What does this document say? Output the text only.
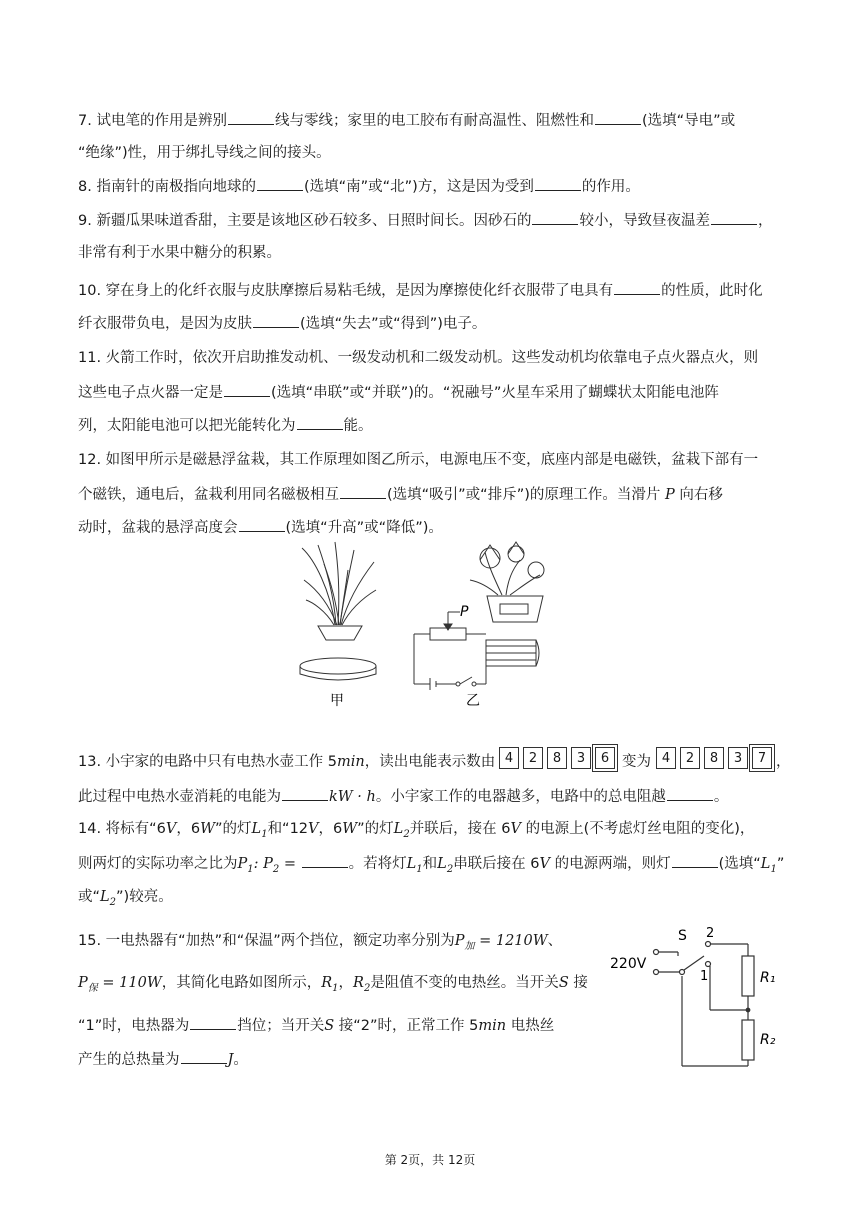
7. 试电笔的作用是辨别	线与零线；家里的电工胶布有耐高温性、阻燃性和	(选填“导电”或
“绝缘”)性，用于绑扎导线之间的接头。
8. 指南针的南极指向地球的	(选填“南”或“北”)方，这是因为受到	的作用。
9. 新疆瓜果味道香甜，主要是该地区砂石较多、日照时间长。因砂石的	较小，导致昼夜温差	，
非常有利于水果中糖分的积累。
10. 穿在身上的化纤衣服与皮肤摩擦后易粘毛绒，是因为摩擦使化纤衣服带了电具有	的性质，此时化
纤衣服带负电，是因为皮肤	(选填“失去”或“得到”)电子。
11. 火箭工作时，依次开启助推发动机、一级发动机和二级发动机。这些发动机均依靠电子点火器点火，则
这些电子点火器一定是	(选填“串联”或“并联”)的。“祝融号”火星车采用了蝴蝶状太阳能电池阵
列，太阳能电池可以把光能转化为	能。
12. 如图甲所示是磁悬浮盆栽，其工作原理如图乙所示，电源电压不变，底座内部是电磁铁，盆栽下部有一
个磁铁，通电后，盆栽利用同名磁极相互	(选填“吸引”或“排斥”)的原理工作。当滑片 P 向右移
动时，盆栽的悬浮高度会	(选填“升高”或“降低”)。
P
甲	乙
13. 小宇家的电路中只有电热水壶工作 5min，读出电能表示数由 4	2	8	3	6 变为 4	2	8	3	7 ，
此过程中电热水壶消耗的电能为	kW · h。小宇家工作的电器越多，电路中的总电阻越	。
14. 将标有“6V，6W”的灯$L_1$和“12V，6W”的灯$L_2$并联后，接在 6V 的电源上(不考虑灯丝电阻的变化)，
则两灯的实际功率之比为$P_1$: $P_2$ =	。若将灯$L_1$和$L_2$串联后接在 6V 的电源两端，则灯	(选填“$L_1$”
或“$L_2$”)较亮。
15. 一电热器有“加热”和“保温”两个挡位，额定功率分别为$P_加 = 1210W$、
$P_保 = 110W$，其简化电路如图所示，$R_1$，$R_2$是阻值不变的电热丝。当开关S 接
“1”时，电热器为	挡位；当开关S 接“2”时，正常工作 5min 电热丝
产生的总热量为	J。
S 2
1
220V
R₁
R₂
第 2页，共 12页
